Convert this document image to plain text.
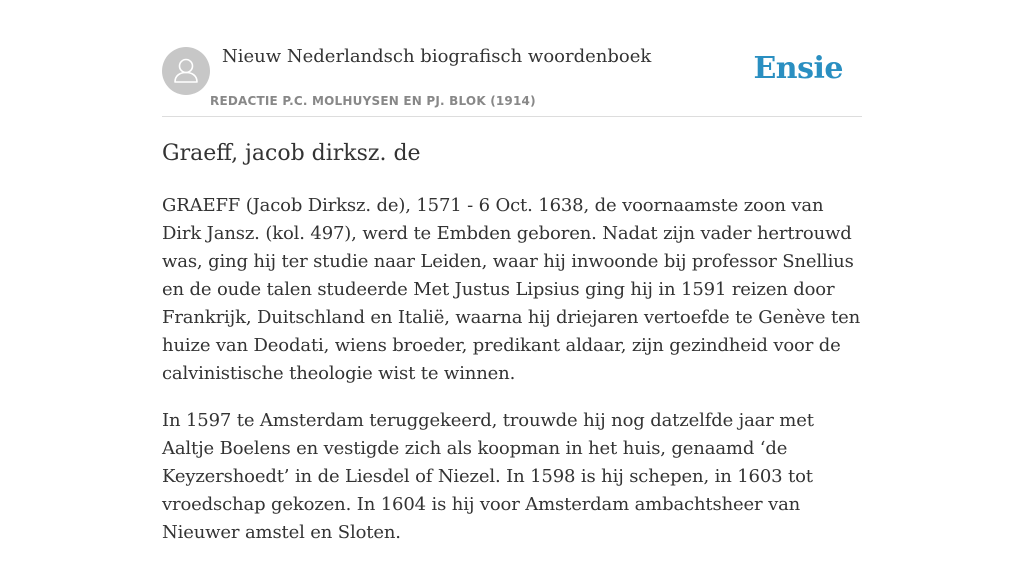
Nieuw Nederlandsch biografisch woordenboek
REDACTIE P.C. MOLHUYSEN EN PJ. BLOK (1914)
Ensie
Graeff, jacob dirksz. de

GRAEFF (Jacob Dirksz. de), 1571 - 6 Oct. 1638, de voornaamste zoon van Dirk Jansz. (kol. 497), werd te Embden geboren. Nadat zijn vader hertrouwd was, ging hij ter studie naar Leiden, waar hij inwoonde bij professor Snellius en de oude talen studeerde Met Justus Lipsius ging hij in 1591 reizen door Frankrijk, Duitschland en Italië, waarna hij driejaren vertoefde te Genève ten huize van Deodati, wiens broeder, predikant aldaar, zijn gezindheid voor de calvinistische theologie wist te winnen.

In 1597 te Amsterdam teruggekeerd, trouwde hij nog datzelfde jaar met Aaltje Boelens en vestigde zich als koopman in het huis, genaamd ‘de Keyzershoedt’ in de Liesdel of Niezel. In 1598 is hij schepen, in 1603 tot vroedschap gekozen. In 1604 is hij voor Amsterdam ambachtsheer van Nieuwer amstel en Sloten.
